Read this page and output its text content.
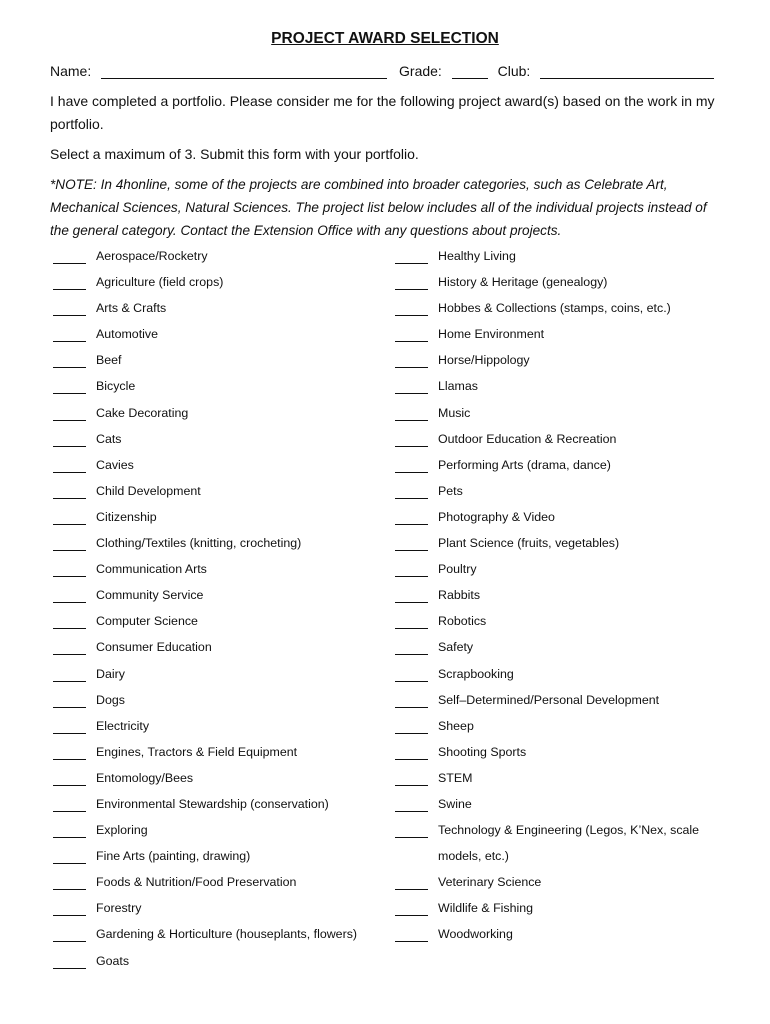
PROJECT AWARD SELECTION
Name:	Grade:	Club:
I have completed a portfolio. Please consider me for the following project award(s) based on the work in my portfolio.
Select a maximum of 3. Submit this form with your portfolio.
*NOTE: In 4honline, some of the projects are combined into broader categories, such as Celebrate Art, Mechanical Sciences, Natural Sciences. The project list below includes all of the individual projects instead of the general category. Contact the Extension Office with any questions about projects.
Aerospace/Rocketry
Agriculture (field crops)
Arts & Crafts
Automotive
Beef
Bicycle
Cake Decorating
Cats
Cavies
Child Development
Citizenship
Clothing/Textiles (knitting, crocheting)
Communication Arts
Community Service
Computer Science
Consumer Education
Dairy
Dogs
Electricity
Engines, Tractors & Field Equipment
Entomology/Bees
Environmental Stewardship (conservation)
Exploring
Fine Arts (painting, drawing)
Foods & Nutrition/Food Preservation
Forestry
Gardening & Horticulture (houseplants, flowers)
Goats
Healthy Living
History & Heritage (genealogy)
Hobbes & Collections (stamps, coins, etc.)
Home Environment
Horse/Hippology
Llamas
Music
Outdoor Education & Recreation
Performing Arts (drama, dance)
Pets
Photography & Video
Plant Science (fruits, vegetables)
Poultry
Rabbits
Robotics
Safety
Scrapbooking
Self–Determined/Personal Development
Sheep
Shooting Sports
STEM
Swine
Technology & Engineering (Legos, K’Nex, scale models, etc.)
Veterinary Science
Wildlife & Fishing
Woodworking
